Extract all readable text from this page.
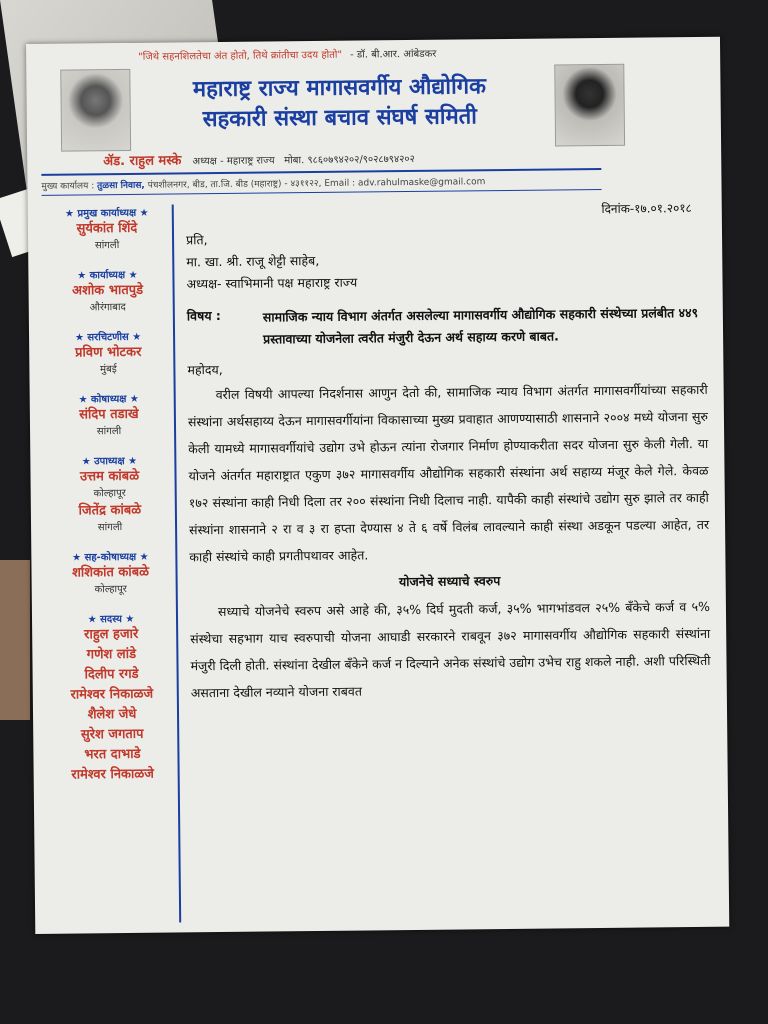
"जिथे सहनशिलतेचा अंत होतो, तिथे क्रांतीचा उदय होतो" - डॉ. बी.आर. आंबेडकर
महाराष्ट्र राज्य मागासवर्गीय औद्योगिक
सहकारी संस्था बचाव संघर्ष समिती
ॲड. राहुल मस्के अध्यक्ष - महाराष्ट्र राज्य मोबा. ९८६०७९४२०२/९०२८७९४२०२
मुख्य कार्यालय : तुळसा निवास, पंचशीलनगर, बीड, ता.जि. बीड (महाराष्ट्र) - ४३११२२, Email : adv.rahulmaske@gmail.com
★ प्रमुख कार्याध्यक्ष ★
सुर्यकांत शिंदे
सांगली
★ कार्याध्यक्ष ★
अशोक भातपुडे
औरंगाबाद
★ सरचिटणीस ★
प्रविण भोटकर
मुंबई
★ कोषाध्यक्ष ★
संदिप तडाखे
सांगली
★ उपाध्यक्ष ★
उत्तम कांबळे
कोल्हापूर
जितेंद्र कांबळे
सांगली
★ सह-कोषाध्यक्ष ★
शशिकांत कांबळे
कोल्हापूर
★ सदस्य ★
राहुल हजारे
गणेश लांडे
दिलीप रगडे
रामेश्वर निकाळजे
शैलेश जेधे
सुरेश जगताप
भरत दाभाडे
रामेश्वर निकाळजे
दिनांक-१७.०१.२०१८
प्रति,
मा. खा. श्री. राजू शेट्टी साहेब,
अध्यक्ष- स्वाभिमानी पक्ष महाराष्ट्र राज्य
विषय :	सामाजिक न्याय विभाग अंतर्गत असलेल्या मागासवर्गीय औद्योगिक सहकारी संस्थेच्या प्रलंबीत ४४९ प्रस्तावाच्या योजनेला त्वरीत मंजुरी देऊन अर्थ सहाय्य करणे बाबत.
महोदय,
वरील विषयी आपल्या निदर्शनास आणुन देतो की, सामाजिक न्याय विभाग अंतर्गत मागासवर्गीयांच्या सहकारी संस्थांना अर्थसहाय्य देऊन मागासवर्गीयांना विकासाच्या मुख्य प्रवाहात आणण्यासाठी शासनाने २००४ मध्ये योजना सुरु केली यामध्ये मागासवर्गीयांचे उद्योग उभे होऊन त्यांना रोजगार निर्माण होण्याकरीता सदर योजना सुरु केली गेली. या योजने अंतर्गत महाराष्ट्रात एकुण ३७२ मागासवर्गीय औद्योगिक सहकारी संस्थांना अर्थ सहाय्य मंजूर केले गेले. केवळ १७२ संस्थांना काही निधी दिला तर २०० संस्थांना निधी दिलाच नाही. यापैकी काही संस्थांचे उद्योग सुरु झाले तर काही संस्थांना शासनाने २ रा व ३ रा हप्ता देण्यास ४ ते ६ वर्षे विलंब लावल्याने काही संस्था अडकून पडल्या आहेत, तर काही संस्थांचे काही प्रगतीपथावर आहेत.
योजनेचे सध्याचे स्वरुप
सध्याचे योजनेचे स्वरुप असे आहे की, ३५% दिर्घ मुदती कर्ज, ३५% भागभांडवल २५% बँकेचे कर्ज व ५% संस्थेचा सहभाग याच स्वरुपाची योजना आघाडी सरकारने राबवून ३७२ मागासवर्गीय औद्योगिक सहकारी संस्थांना मंजुरी दिली होती. संस्थांना देखील बँकेने कर्ज न दिल्याने अनेक संस्थांचे उद्योग उभेच राहु शकले नाही. अशी परिस्थिती असताना देखील नव्याने योजना राबवत
